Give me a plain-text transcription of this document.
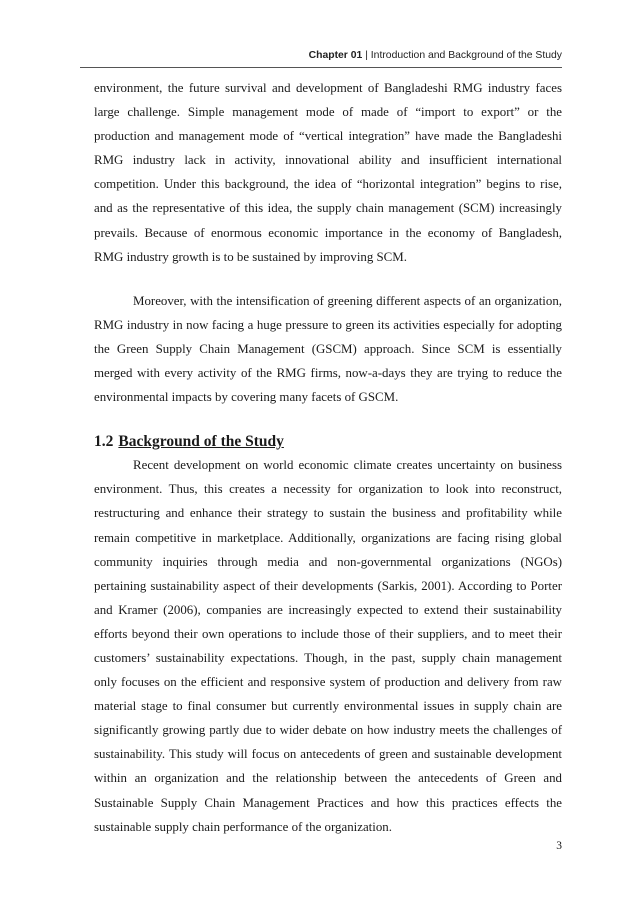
Chapter 01 | Introduction and Background of the Study

environment, the future survival and development of Bangladeshi RMG industry faces large challenge. Simple management mode of made of “import to export” or the production and management mode of “vertical integration” have made the Bangladeshi RMG industry lack in activity, innovational ability and insufficient international competition. Under this background, the idea of “horizontal integration” begins to rise, and as the representative of this idea, the supply chain management (SCM) increasingly prevails. Because of enormous economic importance in the economy of Bangladesh, RMG industry growth is to be sustained by improving SCM.

Moreover, with the intensification of greening different aspects of an organization, RMG industry in now facing a huge pressure to green its activities especially for adopting the Green Supply Chain Management (GSCM) approach. Since SCM is essentially merged with every activity of the RMG firms, now-a-days they are trying to reduce the environmental impacts by covering many facets of GSCM.

1.2 Background of the Study

Recent development on world economic climate creates uncertainty on business environment. Thus, this creates a necessity for organization to look into reconstruct, restructuring and enhance their strategy to sustain the business and profitability while remain competitive in marketplace. Additionally, organizations are facing rising global community inquiries through media and non-governmental organizations (NGOs) pertaining sustainability aspect of their developments (Sarkis, 2001). According to Porter and Kramer (2006), companies are increasingly expected to extend their sustainability efforts beyond their own operations to include those of their suppliers, and to meet their customers’ sustainability expectations. Though, in the past, supply chain management only focuses on the efficient and responsive system of production and delivery from raw material stage to final consumer but currently environmental issues in supply chain are significantly growing partly due to wider debate on how industry meets the challenges of sustainability. This study will focus on antecedents of green and sustainable development within an organization and the relationship between the antecedents of Green and Sustainable Supply Chain Management Practices and how this practices effects the sustainable supply chain performance of the organization.

3
